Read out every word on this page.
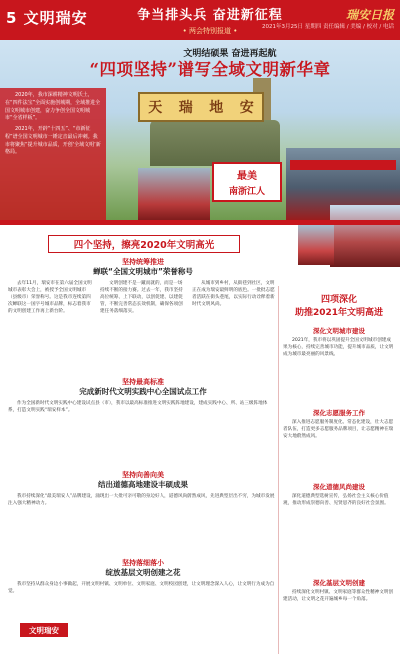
5 文明瑞安	争当排头兵 奋进新征程
• 两会特别报道 •
瑞安日报
2021年3月25日 星期四 责任编辑 / 美编 / 校对 / 电话
天 瑞 地 安
最美
南浙江人
文明结硕果 奋进再起航
“四项坚持”谱写全域文明新华章

2020年，我市深耕精神文明沃土，在“四件法宝”全面实施创城期，全域推进全国文明城市创建，奋力争创全国文明城市“全省样板”。

2021年，开辟“十四五”、“市新征程”谱全国文明城市一锤定音最后冲刺。我市将聚焦“提升城市品质，开创‘全域文明’新格局。

四个坚持，擦亮2020年文明高光
坚持统筹推进
蝉联“全国文明城市”荣誉称号

去年11月，瑞安市在第六届全国文明城市表彰大会上，被授予全国文明城市（县级市）荣誉称号。这是我市连续第四次蝉联这一国字号城市品牌，标志着我市的文明创建工作再上新台阶。

文明创建不是一蹴而就的，而是一场持续不断的接力赛。过去一年，我市坚持高位统筹、上下联动，以创促建、以建促管，不断完善常态长效机制，确保各项创建任务落细落实。

从城市到乡村，从街巷到社区，文明正在成为瑞安最鲜明的底色。一批批志愿者活跃在街头巷尾，以实际行动诠释着新时代文明风尚。

坚持最高标准
完成新时代文明实践中心全国试点工作

作为全国新时代文明实践中心建设试点县（市），我市以最高标准推进文明实践阵地建设，建成实践中心、所、站三级阵地体系，打造文明实践“瑞安样本”。

坚持向善向美
结出道德高地建设丰硕成果

我市持续深化“最美瑞安人”品牌建设，涌现出一大批可亲可敬的身边好人，道德风尚蔚然成风，先进典型层出不穷，为城市发展注入强大精神动力。

坚持落细落小
绽放基层文明创建之花

我市坚持从群众身边小事做起，开展文明村镇、文明单位、文明家庭、文明校园创建，让文明理念深入人心，让文明行为成为自觉。

文明瑞安
四项深化
助推2021年文明高进
深化文明城市建设

2021年，我市将以巩固提升全国文明城市创建成果为核心，持续完善城市功能，提升城市品质，让文明成为城市最亮丽的风景线。

深化志愿服务工作

深入推进志愿服务制度化、常态化建设，壮大志愿者队伍，打造更多志愿服务品牌项目，让志愿精神在瑞安大地蔚然成风。

深化道德风尚建设

深化道德典型选树宣传，弘扬社会主义核心价值观，推动形成崇德向善、见贤思齐的良好社会氛围。

深化基层文明创建

持续深化文明村镇、文明家庭等群众性精神文明创建活动，让文明之花开遍城乡每一个角落。
